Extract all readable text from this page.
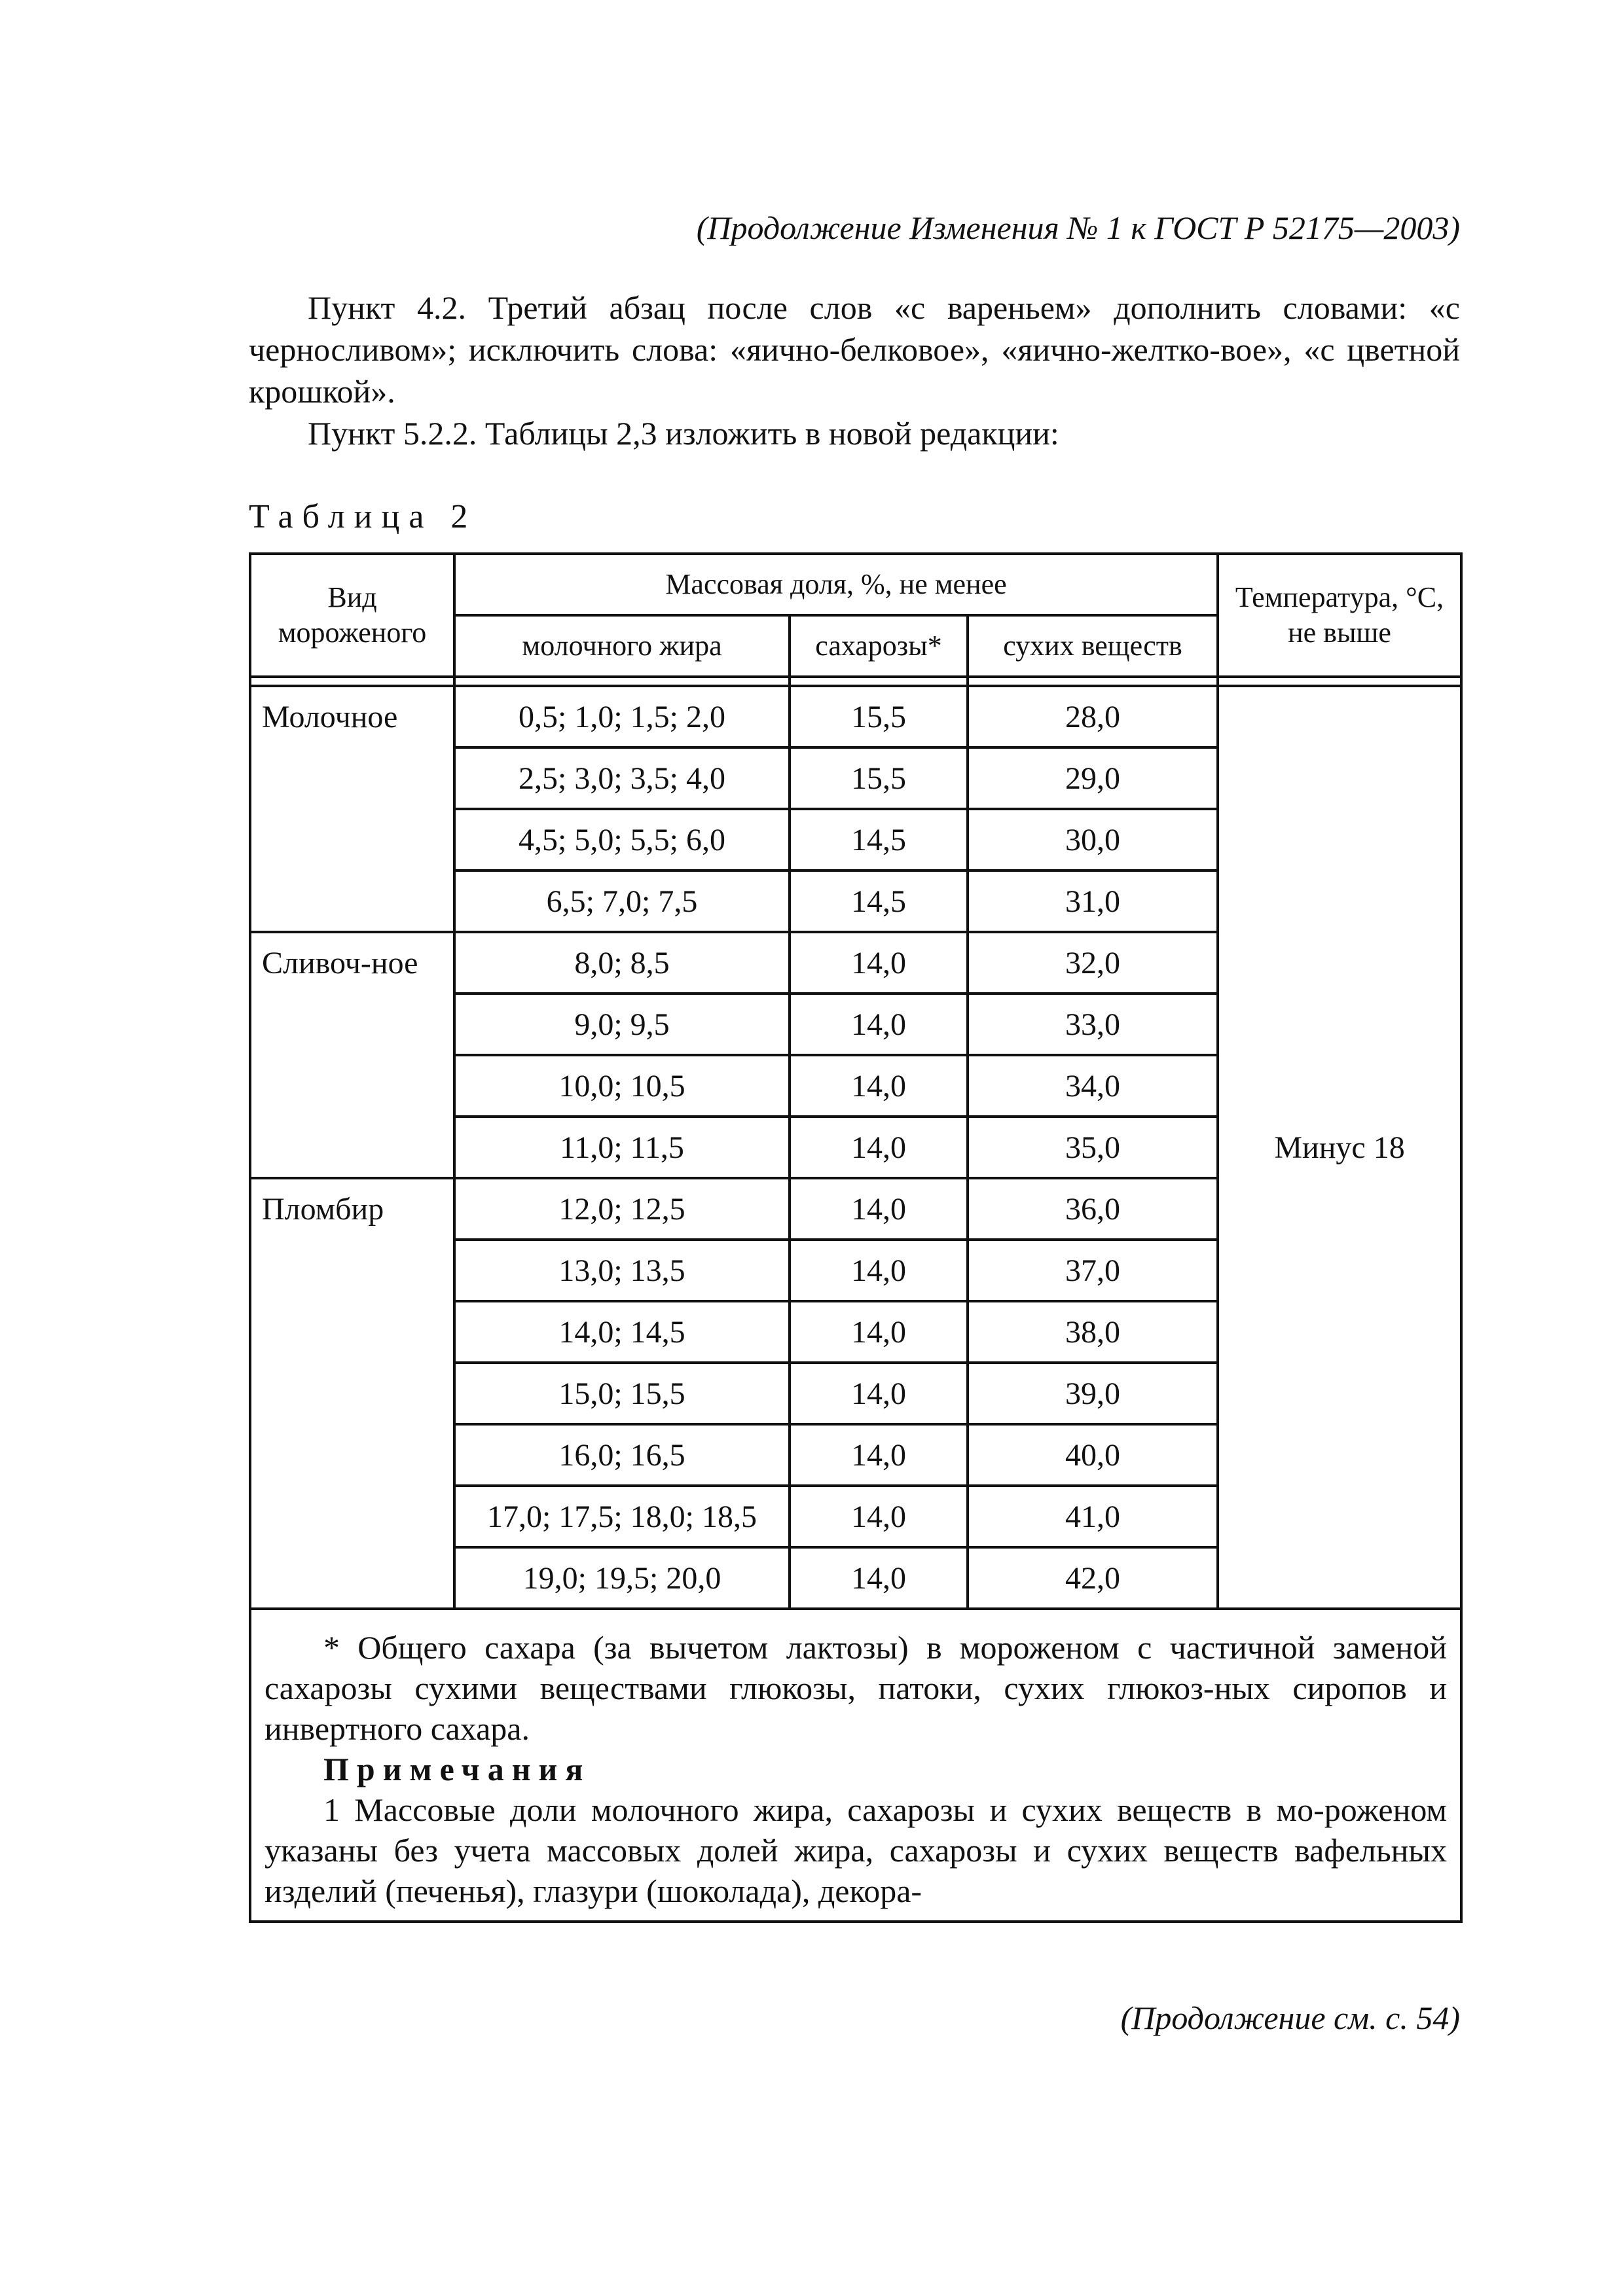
(Продолжение Изменения № 1 к ГОСТ Р 52175—2003)
Пункт 4.2. Третий абзац после слов «с вареньем» дополнить словами: «с черносливом»; исключить слова: «яично-белковое», «яично-желтко-вое», «с цветной крошкой».
Пункт 5.2.2. Таблицы 2,3 изложить в новой редакции:
Таблица 2
Вид мороженого	Массовая доля, %, не менее			Температура, °С, не выше
	молочного жира	сахарозы*	сухих веществ	

Молочное	0,5; 1,0; 1,5; 2,0	15,5	28,0	Минус 18
	2,5; 3,0; 3,5; 4,0	15,5	29,0	
	4,5; 5,0; 5,5; 6,0	14,5	30,0	
	6,5; 7,0; 7,5	14,5	31,0	
Сливоч-ное	8,0; 8,5	14,0	32,0	
	9,0; 9,5	14,0	33,0	
	10,0; 10,5	14,0	34,0	
	11,0; 11,5	14,0	35,0	
Пломбир	12,0; 12,5	14,0	36,0	
	13,0; 13,5	14,0	37,0	
	14,0; 14,5	14,0	38,0	
	15,0; 15,5	14,0	39,0	
	16,0; 16,5	14,0	40,0	
	17,0; 17,5; 18,0; 18,5	14,0	41,0	
	19,0; 19,5; 20,0	14,0	42,0	

* Общего сахара (за вычетом лактозы) в мороженом с частичной заменой сахарозы сухими веществами глюкозы, патоки, сухих глюкоз-ных сиропов и инвертного сахара.

Примечания

1 Массовые доли молочного жира, сахарозы и сухих веществ в мо-роженом указаны без учета массовых долей жира, сахарозы и сухих веществ вафельных изделий (печенья), глазури (шоколада), декора-				

(Продолжение см. с. 54)
